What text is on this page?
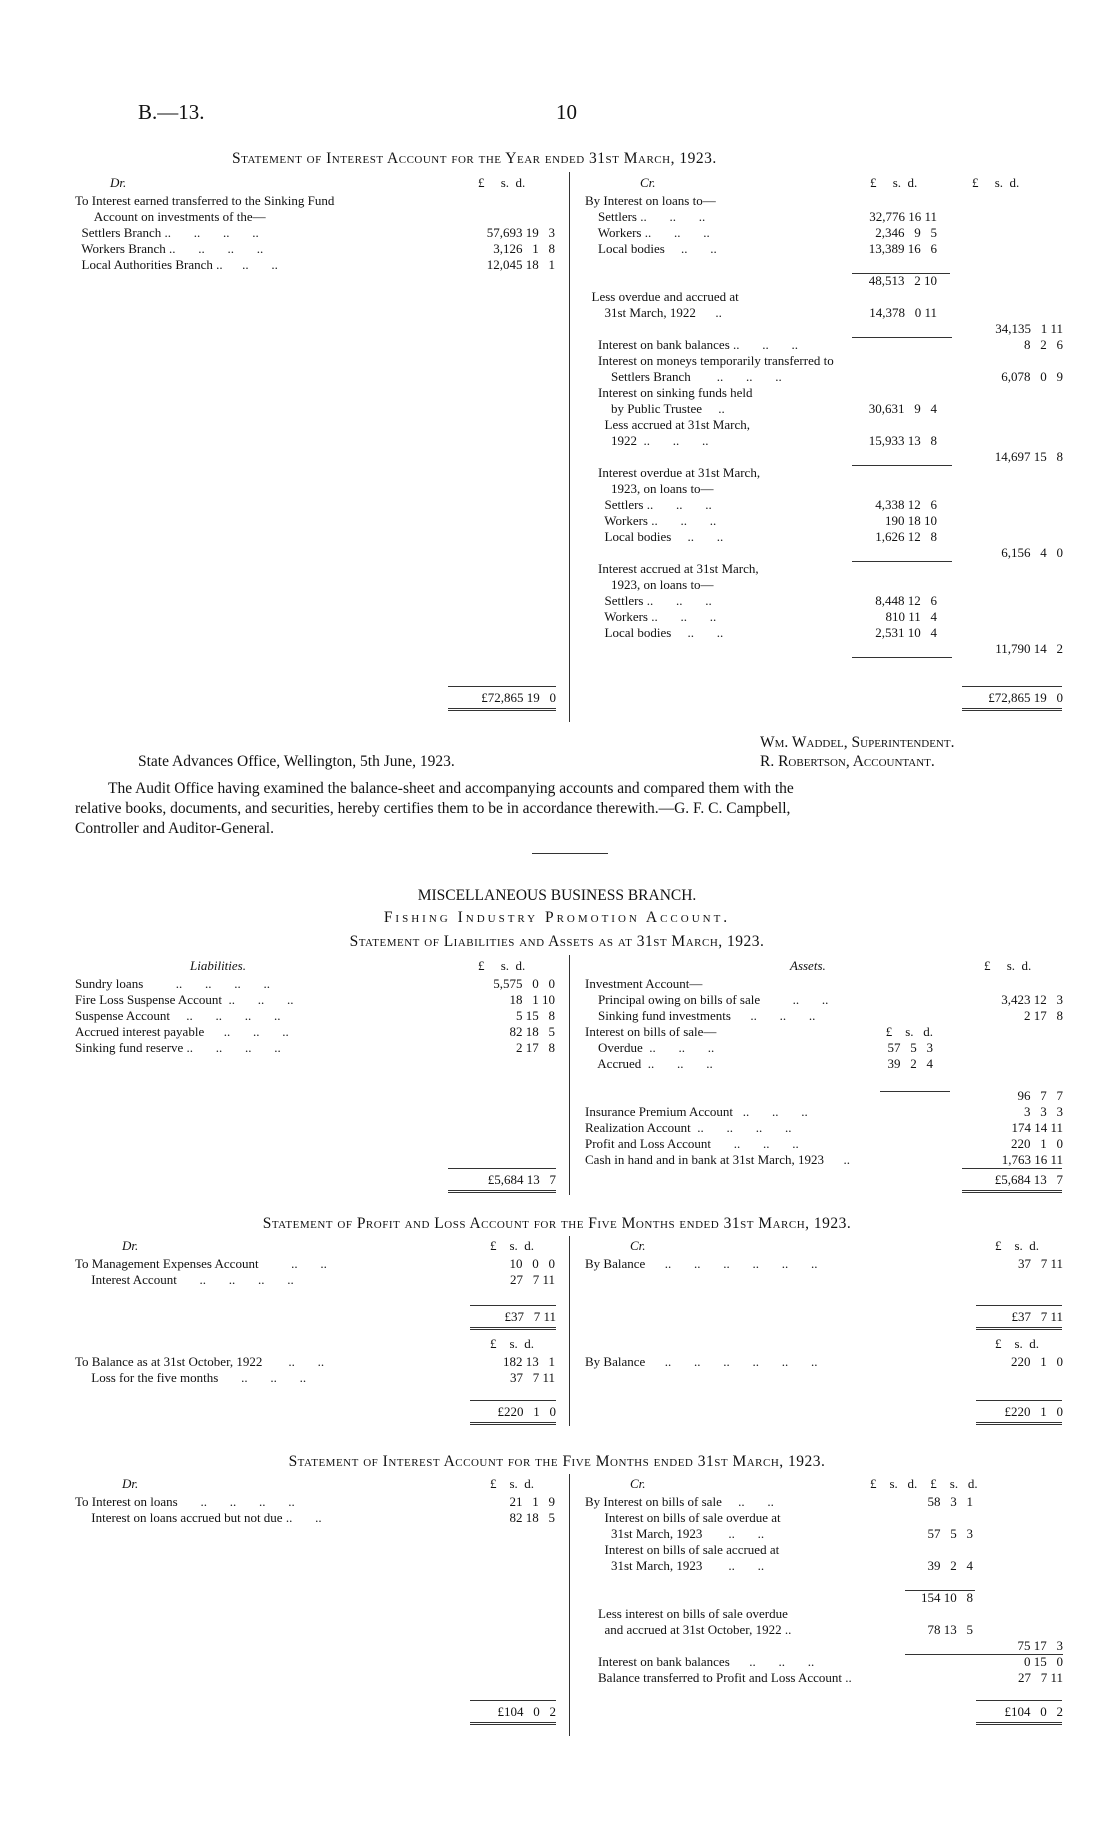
B.—13.	10
Statement of Interest Account for the Year ended 31st March, 1923.
Dr.	£     s.  d.	Cr.	£     s.  d.	£     s.  d.
To Interest earned transferred to the Sinking Fund
Account on investments of the—
Settlers Branch ..       ..       ..       ..	57,693 19   3
Workers Branch ..       ..       ..       ..	3,126   1   8
Local Authorities Branch ..      ..       ..	12,045 18   1
£72,865 19   0
By Interest on loans to—
Settlers ..       ..       ..	32,776 16 11
Workers ..       ..       ..	2,346   9   5
Local bodies     ..       ..	13,389 16   6
48,513   2 10
Less overdue and accrued at
31st March, 1922      ..	14,378   0 11
34,135   1 11
Interest on bank balances ..       ..       ..	8   2   6
Interest on moneys temporarily transferred to
Settlers Branch        ..       ..       ..	6,078   0   9
Interest on sinking funds held
by Public Trustee     ..	30,631   9   4
Less accrued at 31st March,
1922  ..       ..       ..	15,933 13   8
14,697 15   8
Interest overdue at 31st March,
1923, on loans to—
Settlers ..       ..       ..	4,338 12   6
Workers ..       ..       ..	190 18 10
Local bodies     ..       ..	1,626 12   8
6,156   4   0
Interest accrued at 31st March,
1923, on loans to—
Settlers ..       ..       ..	8,448 12   6
Workers ..       ..       ..	810 11   4
Local bodies     ..       ..	2,531 10   4
11,790 14   2
£72,865 19   0
State Advances Office, Wellington, 5th June, 1923.
Wm. Waddel, Superintendent.
R. Robertson, Accountant.
The Audit Office having examined the balance-sheet and accompanying accounts and compared them with the
relative books, documents, and securities, hereby certifies them to be in accordance therewith.—G. F. C. Campbell,
Controller and Auditor-General.
MISCELLANEOUS BUSINESS BRANCH.
Fishing Industry Promotion Account.
Statement of Liabilities and Assets as at 31st March, 1923.
Liabilities.	£     s.  d.	Assets.	£     s.  d.
Sundry loans          ..       ..       ..       ..	5,575   0   0
Fire Loss Suspense Account  ..       ..       ..	18   1 10
Suspense Account     ..       ..       ..       ..	5 15   8
Accrued interest payable      ..       ..       ..	82 18   5
Sinking fund reserve ..       ..       ..       ..	2 17   8
£5,684 13   7
Investment Account—
Principal owing on bills of sale          ..       ..	3,423 12   3
Sinking fund investments      ..       ..       ..	2 17   8
Interest on bills of sale—	£    s.   d.
Overdue  ..       ..       ..	57   5   3
Accrued  ..       ..       ..	39   2   4
96   7   7
Insurance Premium Account   ..       ..       ..	3   3   3
Realization Account  ..       ..       ..       ..	174 14 11
Profit and Loss Account       ..       ..       ..	220   1   0
Cash in hand and in bank at 31st March, 1923      ..	1,763 16 11
£5,684 13   7
Statement of Profit and Loss Account for the Five Months ended 31st March, 1923.
Dr.	£    s.  d.	Cr.	£    s.  d.
To Management Expenses Account          ..       ..	10   0   0
Interest Account       ..       ..       ..       ..	27   7 11
By Balance      ..       ..       ..       ..       ..       ..	37   7 11
£37   7 11	£37   7 11
£    s.  d.	£    s.  d.
To Balance as at 31st October, 1922        ..       ..	182 13   1
Loss for the five months       ..       ..       ..	37   7 11
By Balance      ..       ..       ..       ..       ..       ..	220   1   0
£220   1   0	£220   1   0
Statement of Interest Account for the Five Months ended 31st March, 1923.
Dr.	£    s.  d.	Cr.	£    s.   d.    £    s.   d.
To Interest on loans       ..       ..       ..       ..	21   1   9
Interest on loans accrued but not due ..       ..	82 18   5
£104   0   2
By Interest on bills of sale     ..       ..	58   3   1
Interest on bills of sale overdue at
31st March, 1923        ..       ..	57   5   3
Interest on bills of sale accrued at
31st March, 1923        ..       ..	39   2   4
154 10   8
Less interest on bills of sale overdue
and accrued at 31st October, 1922 ..	78 13   5
75 17   3
Interest on bank balances      ..       ..       ..	0 15   0
Balance transferred to Profit and Loss Account ..	27   7 11
£104   0   2
